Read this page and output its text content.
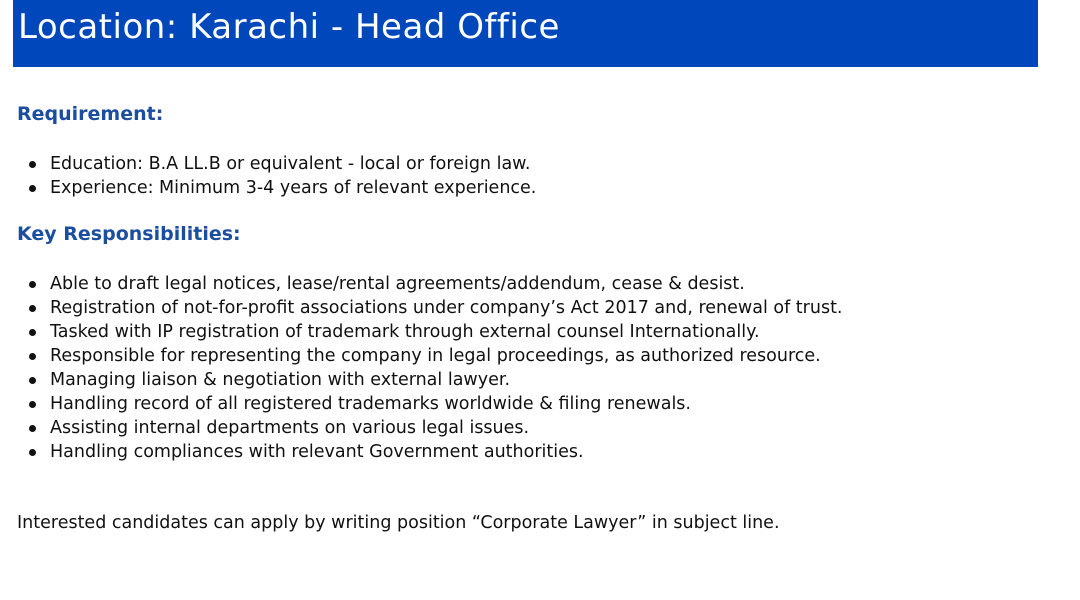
Location: Karachi - Head Office
Requirement:
Education: B.A LL.B or equivalent - local or foreign law.
Experience: Minimum 3-4 years of relevant experience.
Key Responsibilities:
Able to draft legal notices, lease/rental agreements/addendum, cease & desist.
Registration of not-for-profit associations under company’s Act 2017 and, renewal of trust.
Tasked with IP registration of trademark through external counsel Internationally.
Responsible for representing the company in legal proceedings, as authorized resource.
Managing liaison & negotiation with external lawyer.
Handling record of all registered trademarks worldwide & filing renewals.
Assisting internal departments on various legal issues.
Handling compliances with relevant Government authorities.
Interested candidates can apply by writing position “Corporate Lawyer” in subject line.
